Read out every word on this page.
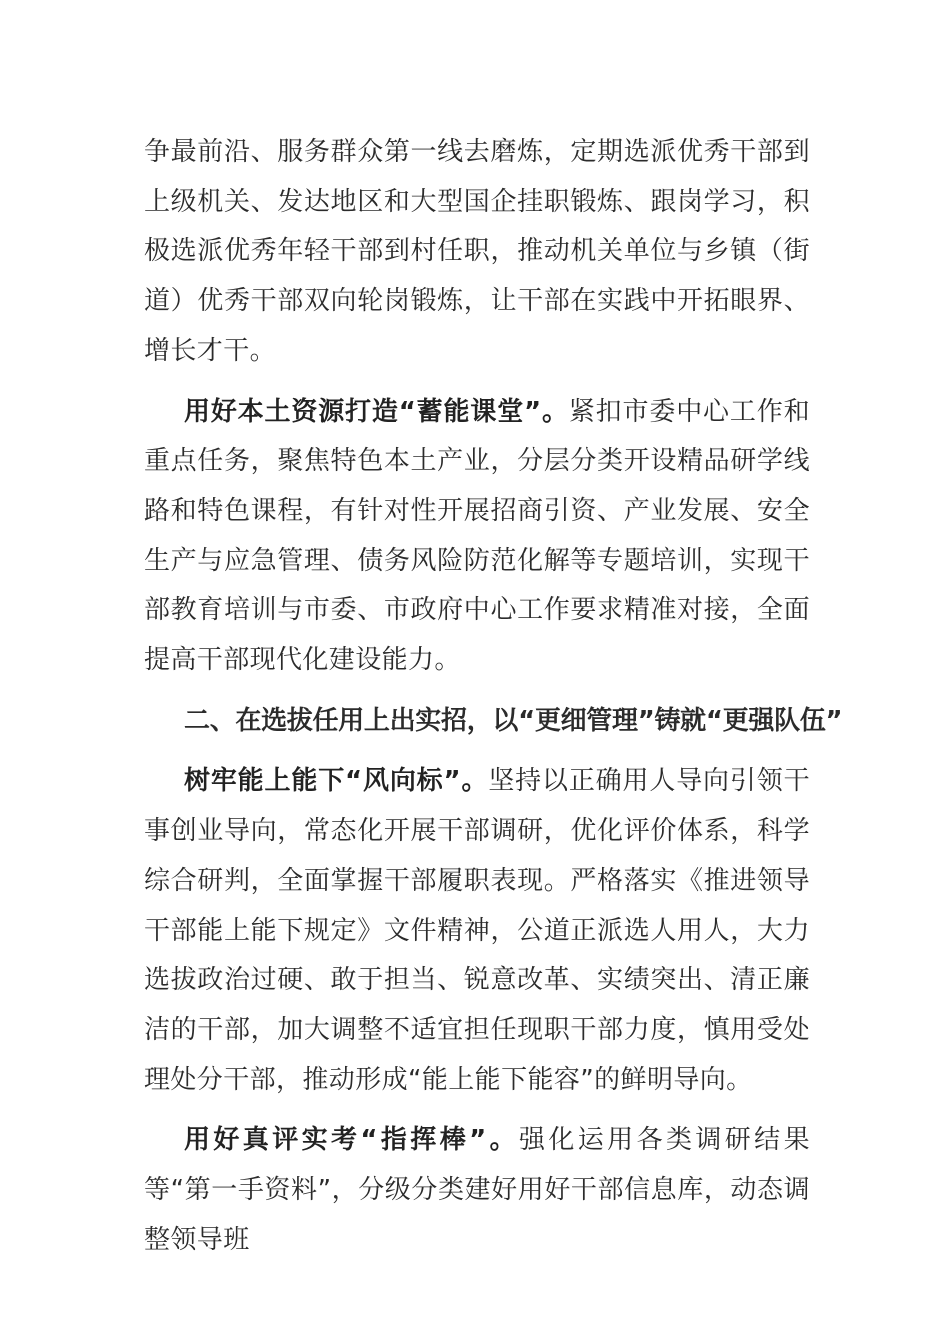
争最前沿、服务群众第一线去磨炼，定期选派优秀干部到上级机关、发达地区和大型国企挂职锻炼、跟岗学习，积极选派优秀年轻干部到村任职，推动机关单位与乡镇（街道）优秀干部双向轮岗锻炼，让干部在实践中开拓眼界、增长才干。

用好本土资源打造“蓄能课堂”。紧扣市委中心工作和重点任务，聚焦特色本土产业，分层分类开设精品研学线路和特色课程，有针对性开展招商引资、产业发展、安全生产与应急管理、债务风险防范化解等专题培训，实现干部教育培训与市委、市政府中心工作要求精准对接，全面提高干部现代化建设能力。

二、在选拔任用上出实招，以“更细管理”铸就“更强队伍”

树牢能上能下“风向标”。坚持以正确用人导向引领干事创业导向，常态化开展干部调研，优化评价体系，科学综合研判，全面掌握干部履职表现。严格落实《推进领导干部能上能下规定》文件精神，公道正派选人用人，大力选拔政治过硬、敢于担当、锐意改革、实绩突出、清正廉洁的干部，加大调整不适宜担任现职干部力度，慎用受处理处分干部，推动形成“能上能下能容”的鲜明导向。

用好真评实考“指挥棒”。强化运用各类调研结果等“第一手资料”，分级分类建好用好干部信息库，动态调整领导班
